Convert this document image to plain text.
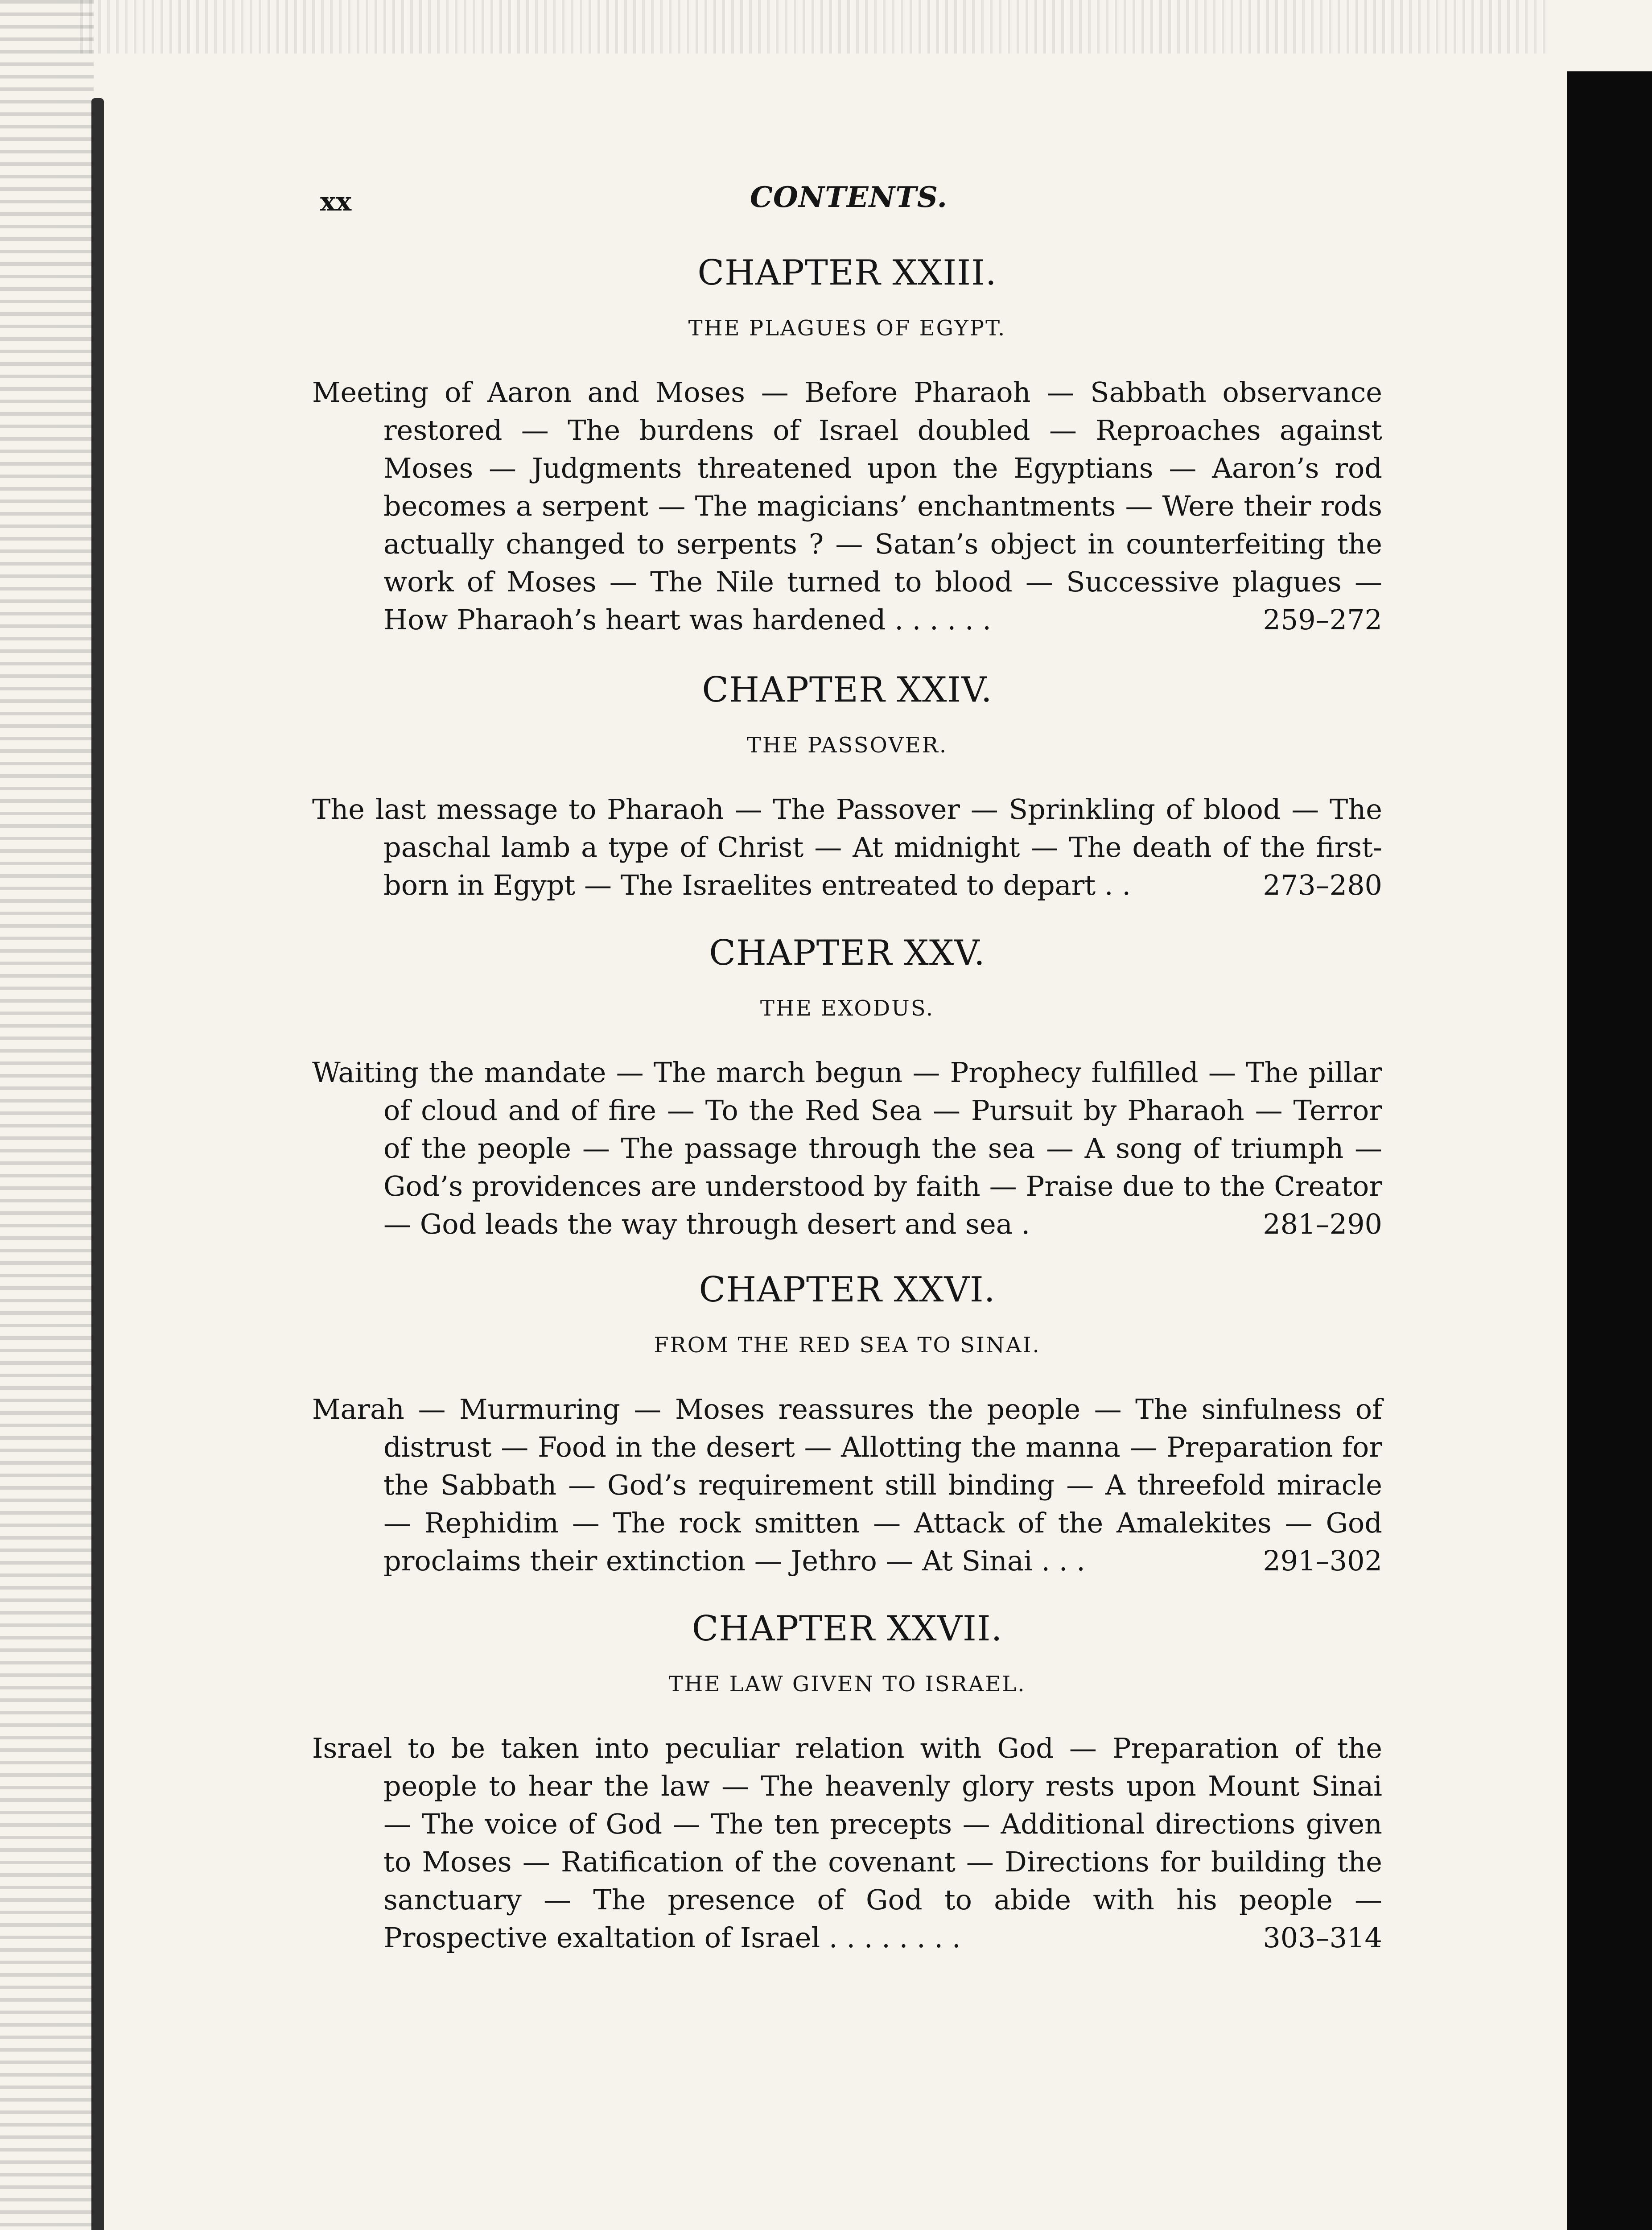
xx	CONTENTS.
CHAPTER XXIII.
THE PLAGUES OF EGYPT.
Meeting of Aaron and Moses — Before Pharaoh — Sabbath observance restored — The burdens of Israel doubled — Reproaches against Moses — Judgments threatened upon the Egyptians — Aaron’s rod becomes a serpent — The magicians’ enchantments — Were their rods actually changed to serpents ? — Satan’s object in counterfeiting the work of Moses — The Nile turned to blood — Successive plagues — How Pharaoh’s heart was hardened . . . . . .	259–272
CHAPTER XXIV.
THE PASSOVER.
The last message to Pharaoh — The Passover — Sprinkling of blood — The paschal lamb a type of Christ — At midnight — The death of the first-born in Egypt — The Israelites entreated to depart . .	273–280
CHAPTER XXV.
THE EXODUS.
Waiting the mandate — The march begun — Prophecy fulfilled — The pillar of cloud and of fire — To the Red Sea — Pursuit by Pharaoh — Terror of the people — The passage through the sea — A song of triumph — God’s providences are understood by faith — Praise due to the Creator — God leads the way through desert and sea .	281–290
CHAPTER XXVI.
FROM THE RED SEA TO SINAI.
Marah — Murmuring — Moses reassures the people — The sinfulness of distrust — Food in the desert — Allotting the manna — Preparation for the Sabbath — God’s requirement still binding — A threefold miracle — Rephidim — The rock smitten — Attack of the Amalekites — God proclaims their extinction — Jethro — At Sinai . . .	291–302
CHAPTER XXVII.
THE LAW GIVEN TO ISRAEL.
Israel to be taken into peculiar relation with God — Preparation of the people to hear the law — The heavenly glory rests upon Mount Sinai — The voice of God — The ten precepts — Additional directions given to Moses — Ratification of the covenant — Directions for building the sanctuary — The presence of God to abide with his people — Prospective exaltation of Israel . . . . . . . .	303–314
